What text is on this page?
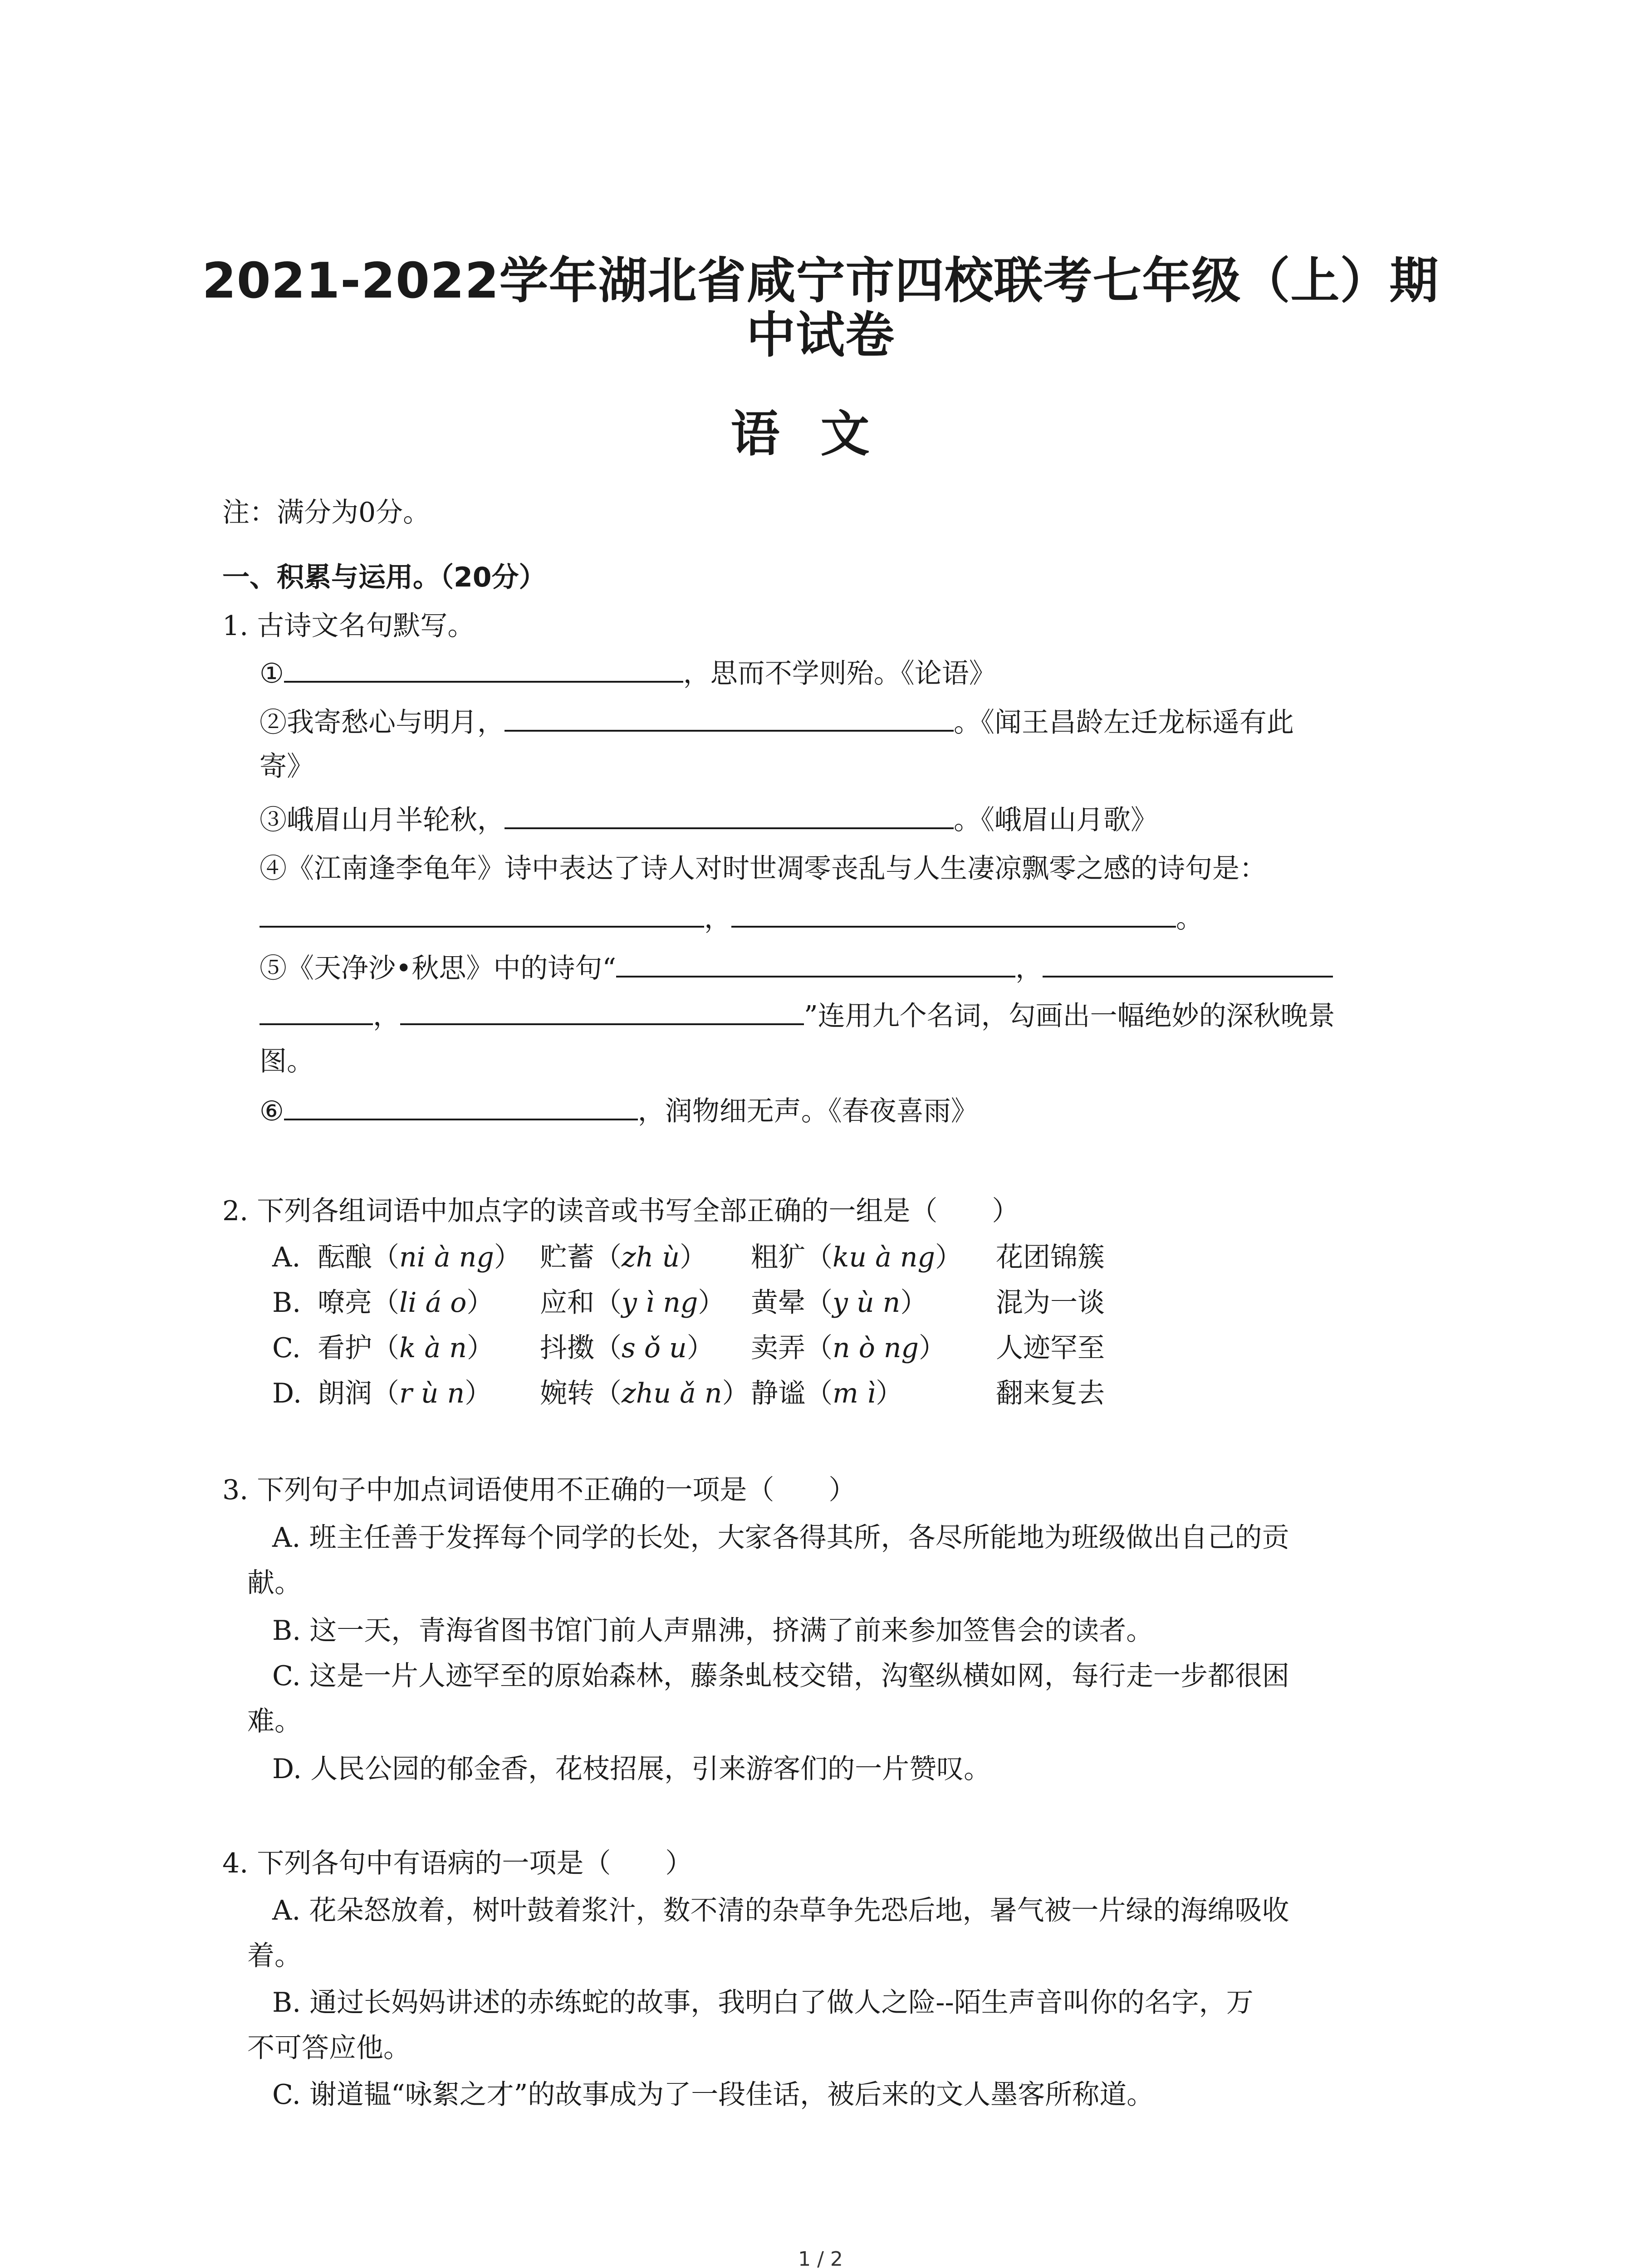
2021-2022学年湖北省咸宁市四校联考七年级（上）期
中试卷
语文
注：满分为0分。
一、积累与运用。（20分）
1. 古诗文名句默写。
①	，思而不学则殆。《论语》
②我寄愁心与明月，	。《闻王昌龄左迁龙标遥有此
寄》
③峨眉山月半轮秋，	。《峨眉山月歌》
④《江南逢李龟年》诗中表达了诗人对时世凋零丧乱与人生凄凉飘零之感的诗句是：
，	。
⑤《天净沙•秋思》中的诗句“	，
，	”连用九个名词，勾画出一幅绝妙的深秋晚景
图。
⑥	，润物细无声。《春夜喜雨》
2. 下列各组词语中加点字的读音或书写全部正确的一组是（　　）
A. 酝酿（ni à ng） 贮蓄（zh ù） 粗犷（ku à ng） 花团锦簇
B. 嘹亮（li á o） 应和（y ì ng） 黄晕（y ù n）	混为一谈
C. 看护（k à n） 抖擞（s ǒ u） 卖弄（n ò ng） 人迹罕至
D. 朗润（r ù n） 婉转（zhu ǎ n） 静谧（m ì）	翻来复去
3. 下列句子中加点词语使用不正确的一项是（　　）
A. 班主任善于发挥每个同学的长处，大家各得其所，各尽所能地为班级做出自己的贡
献。
B. 这一天，青海省图书馆门前人声鼎沸，挤满了前来参加签售会的读者。
C. 这是一片人迹罕至的原始森林，藤条虬枝交错，沟壑纵横如网，每行走一步都很困
难。
D. 人民公园的郁金香，花枝招展，引来游客们的一片赞叹。
4. 下列各句中有语病的一项是（　　）
A. 花朵怒放着，树叶鼓着浆汁，数不清的杂草争先恐后地，暑气被一片绿的海绵吸收
着。
B. 通过长妈妈讲述的赤练蛇的故事，我明白了做人之险--陌生声音叫你的名字，万
不可答应他。
C. 谢道韫“咏絮之才”的故事成为了一段佳话，被后来的文人墨客所称道。
1 / 2
